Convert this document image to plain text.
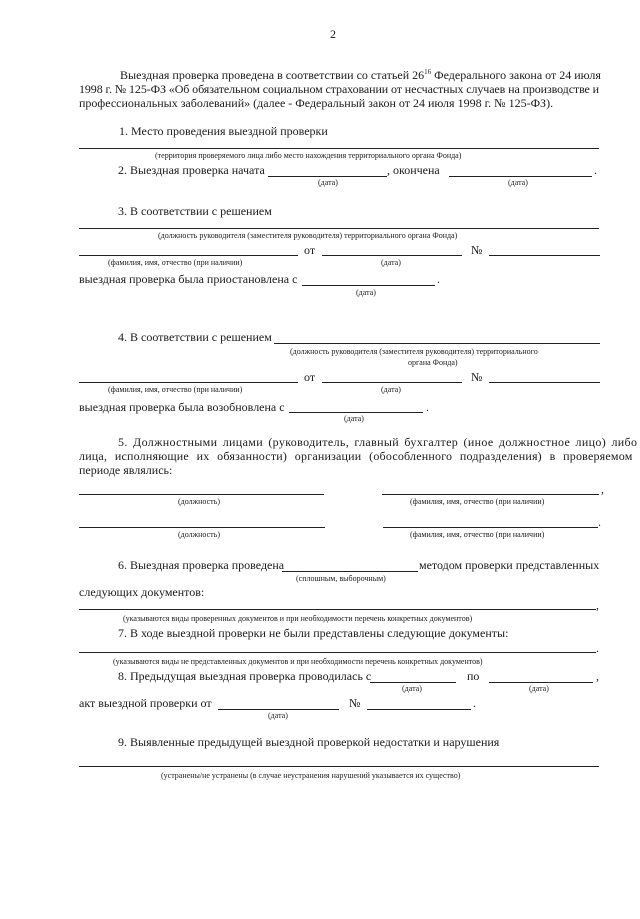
2
Выездная проверка проведена в соответствии со статьей $26^{16}$ Федерального закона от 24 июля
1998 г. № 125-ФЗ «Об обязательном социальном страховании от несчастных случаев на производстве и
профессиональных заболеваний» (далее - Федеральный закон от 24 июля 1998 г. № 125-ФЗ).
1. Место проведения выездной проверки
(территория проверяемого лица либо место нахождения территориального органа Фонда)
2. Выездная проверка начата	, окончена	.
(дата)	(дата)
3. В соответствии с решением
(должность руководителя (заместителя руководителя) территориального органа Фонда)
от	№
(фамилия, имя, отчество (при наличии)	(дата)
выездная проверка была приостановлена с	.
(дата)
4. В соответствии с решением
(должность руководителя (заместителя руководителя) территориального
органа Фонда)
от	№
(фамилия, имя, отчество (при наличии)	(дата)
выездная проверка была возобновлена с	.
(дата)
5. Должностными лицами (руководитель, главный бухгалтер (иное должностное лицо) либо
лица, исполняющие их обязанности) организации (обособленного подразделения) в проверяемом
периоде являлись:
,
(должность)	(фамилия, имя, отчество (при наличии)
.
(должность)	(фамилия, имя, отчество (при наличии)
6. Выездная проверка проведена	методом проверки представленных
(сплошным, выборочным)
следующих документов:
,
(указываются виды проверенных документов и при необходимости перечень конкретных документов)
7. В ходе выездной проверки не были представлены следующие документы:
.
(указываются виды не представленных документов и при необходимости перечень конкретных документов)
8. Предыдущая выездная проверка проводилась с	по	,
(дата)	(дата)
акт выездной проверки от	№	.
(дата)
9. Выявленные предыдущей выездной проверкой недостатки и нарушения
(устранены/не устранены (в случае неустранения нарушений указывается их существо)
